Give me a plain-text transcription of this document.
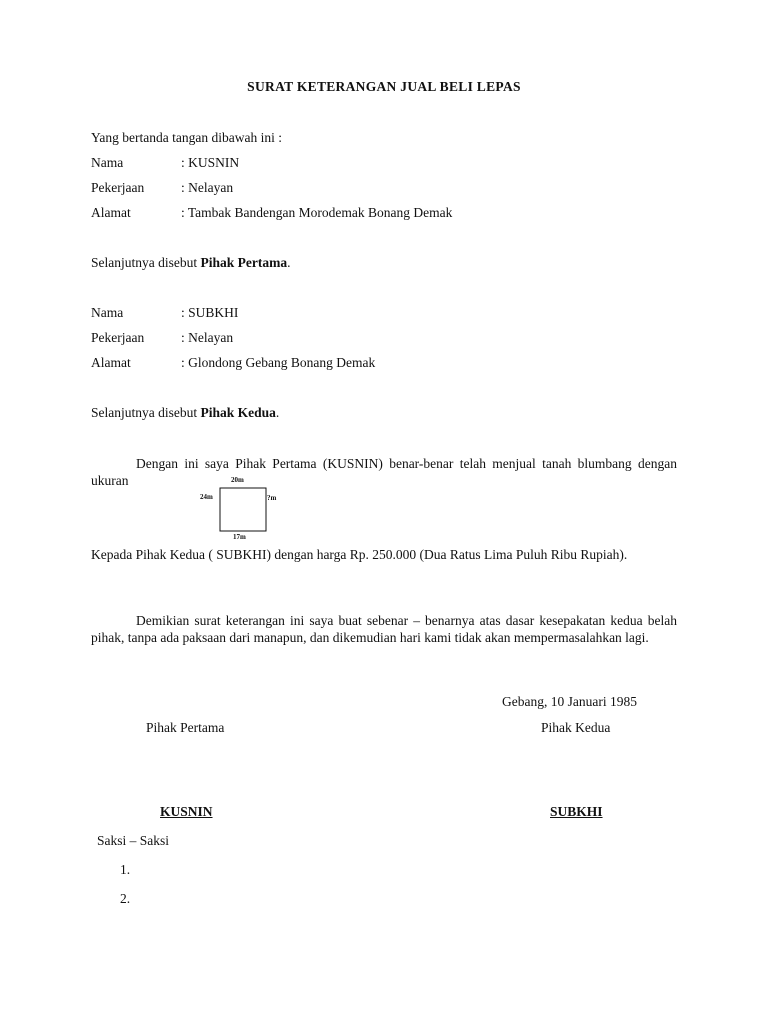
SURAT KETERANGAN JUAL BELI LEPAS
Yang bertanda tangan dibawah ini :
Nama	: KUSNIN
Pekerjaan	: Nelayan
Alamat	: Tambak Bandengan Morodemak Bonang Demak
Selanjutnya disebut Pihak Pertama.
Nama	: SUBKHI
Pekerjaan	: Nelayan
Alamat	: Glondong Gebang Bonang Demak
Selanjutnya disebut Pihak Kedua.
Dengan ini saya Pihak Pertama (KUSNIN) benar-benar telah menjual tanah blumbang dengan ukuran	20m
24m	?m
17m
Kepada Pihak Kedua ( SUBKHI) dengan harga Rp. 250.000 (Dua Ratus Lima Puluh Ribu Rupiah).
Demikian surat keterangan ini saya buat sebenar – benarnya atas dasar kesepakatan kedua belah pihak, tanpa ada paksaan dari manapun, dan dikemudian hari kami tidak akan mempermasalahkan lagi.
Gebang, 10 Januari 1985
Pihak Pertama	Pihak Kedua
KUSNIN	SUBKHI
Saksi – Saksi
1.
2.
